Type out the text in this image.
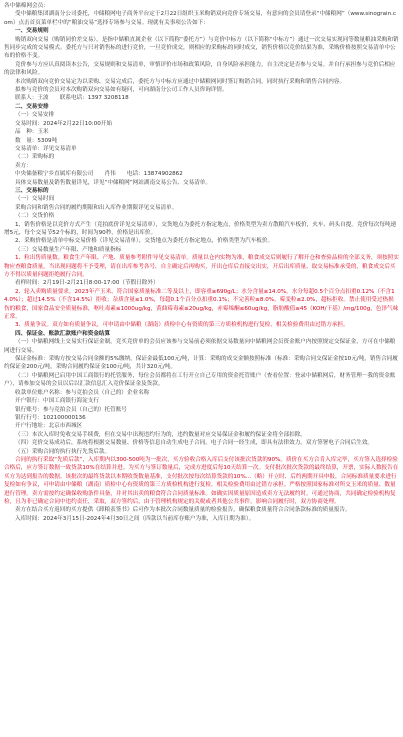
各中储棉网会员：

受中储粮集团湖南分公司委托，中储粮网电子商务平台定于2月22日组织玉米购销双向竞价专场交易，有意向的会员请登录“中储粮网”（www.sinograin.com）点击首页菜单栏中的“粮油交易”选择专场参与交易。现就有关事项公告如下：

一、交易规则

购销双向交易（购销同价差交易），是指中储粮直属企业（以下简称“委托方”）与竞价中标方（以下简称“中标方”）通过一次交易实现同等数量粮油采购和销售同步完成的交易模式。委托方与只对销售标的进行竞价，一旦竞价成交，则相应的采购标的同时成交，销售价格以竞价结果为准，采购价格按照交易清单中公布的价格不变。

竞价参与方应认真阅读本公告，交易规则和交易清单，审慎评价市场和政策风险，自身风险承担能力，自主决定是否参与交易。并自行承担参与竞价后相应的法律和风险。

本次购销双向竞价交易定为以采购、交易完成后，委托方与中标方应通过中储粮网同时签订购销合同，同时执行采购和销售合同内容。

拟参与竞价的会员对本次购销双向交易如有疑问，可向湖南分公司工作人员咨询详情。

联系人：王波　　联系电话：1397 3208118

二、交易安排

（一）交易安排

交易时间：2024年2月22日10:00开始

品　种：玉米

数　量：5309吨

交易清单：详见交易清单

（二）采购标的

卖方：

中央储备粮宁乡直属库有限公司　　肖伟　　电话：13874902862

具体交易数量及销售数量详见，详见“中储粮网”网站湖南交易公告、交易清单。

三、交易标的

（一）交易时间

采购合同和销售合同的履约期限和出入库作业期限详见交易清单。

（二）交货价格

1、销售价格是以竞价方式产生（竞拍底价详见交易清单），交货地点为委托方指定地点，价格类型为卖方散粮汽车板价，火车、码头自提。竞价每次每吨递增5元，每个交易节52个标的，时间为90秒，价格是出库价。

2、采购价格是清单中标交易价格（详见交易清单），交货地点为委托方指定地点，价格类型为汽车板价。

（三）交易数量生产年限、产地和质量指标

1、粒出售质量数。粮食生产年限、产地、质量参考附件导见交易清单。质量以仓内实物为准，粮食成交后则履行了解开仓和查验品检的全部义务，须按照实物应查粮食质量，当出现问题将不予受理，请在出库参考各号，自主确定后再购买，开出仓库后直接交出实，开后出库质量、取交易标准承受的，粮食成交后买方不得以质量问题拒绝履行合同。

看样时间：2月19日-2月21日8:00-17:00（节假日除外）

2、轮入卖购质量要求。2023年产玉米，符合国家质量标准二等及以上，即容重≥690g/L；水分含量≤14.0%，水分每超0.5个百分点扣重0.12%（不含14.0%）；超过14.5%（不含14.5%）拒收；杂质含量≤1.0%，每超0.1个百分点扣重0.1%；不完善粒≤8.0%，霉变粒≤2.0%，超标拒收。禁止使用受过热损伤的粮食，国家食品安全质量标准，呕吐毒素≤1000ug/kg，黄曲霉毒素≤20ug/kg，赤霉烯酮≤60ug/kg，脂肪酸值≤45（KOH/干基）/mg/100g，色泽气味正常。

3、质量争议。双方如有质量争议，可申请由中储粮（湖南）质检中心有资质的第三方质检机构进行复检，相关检验费用由过错方承担。

四、保证金、账款汇款账户和资金结算

（一）中储粮网线上交易实行保证金制，竞买竞价单的会员应该参与交易前必须依据交易数量向中储粮网会员资金账户内按照规定交保证金，方可在中储粮网进行交易。

保证金标准：采购方按交易合同金额的5%缴纳，保证金最低100元/吨，计算：采购的成交金额按照标准（标准：采购合同交保证金按10元/吨，销售合同履约保证金200元/吨，采购合同履约保证金100元/吨，共计320元/吨。

（二）中储粮网已启用中国工商银行的托管服务，每位会员都将在工行开立自己专用的资金托管账户（查看位置：登录中储粮网后，财务管理－我的资金账户），请参加交易的会员以后以汇款信息汇入竞价保证金及货款。

收款单位账户名称：参与竞拍会员（自己的）企业名称

开户银行：中国工商银行海淀支行

银行账号：参与竞拍会员（自己的）托管账号

银行行号：102100000136

开户行地址：北京市西城区

（三）本次入库时免收交易手续费，但在交易中出现违约行为的，违约数量对应交易保证金和履约保证金将全部扣除。

（四）竞价交易成功后，系统将根据交易数量、价格等信息自动生成电子合同。电子合同一经生成，即具有法律效力。双方签署电子合同后生效。

（五）采购合同的执行执行先货后款。

合同的执行采取“先质后款”，入库期内以300-500吨为一批次，买方验收合格入库后支付该批次货款的90%。质价在买方合肯入库完毕，买方签入选择检验合格后，应方签订数据一致货款10%在结算并进。为买方与签订数量后，完成方进度后每10天结算一次。支付批次批次货款的最终结算，开票，实际人数报告在买方为达到报告的数据。该批次的最终货款以本期收货数量基准，支付批次按每次结算货款的10%...（略）开立时、后约两期开具申报，合同标准质量要求进行复检如有争议，可申请由中储粮（湖南）质检中心有资质的第三方质检机构进行复检，相关检验费用由过错方承担。严格按照国家标准对所交玉米的质量、数量进行管理。卖方需按约定确保收购条件具备，并对其出卖的粮食符合合同质量标准。如确实因质量原因造成卖方无法履约时，可通过协商，共同确定检验机构复检，且为非已确定合同中违约责任，采取，双方签约后，由于管理机构规定的关税或者其他公共事件，影响合同履行时，双方协商处理。

卖方在结合买方返回的买方提供《卸粮表签书》后可作为本批次合同数量质量的检验报告，确保粮食质量符合合同条款标准的质量报告。

入库时间：2024年3月15日-2024年4月30日之间（四款以当前库存账户为准，入库日期为准）。
